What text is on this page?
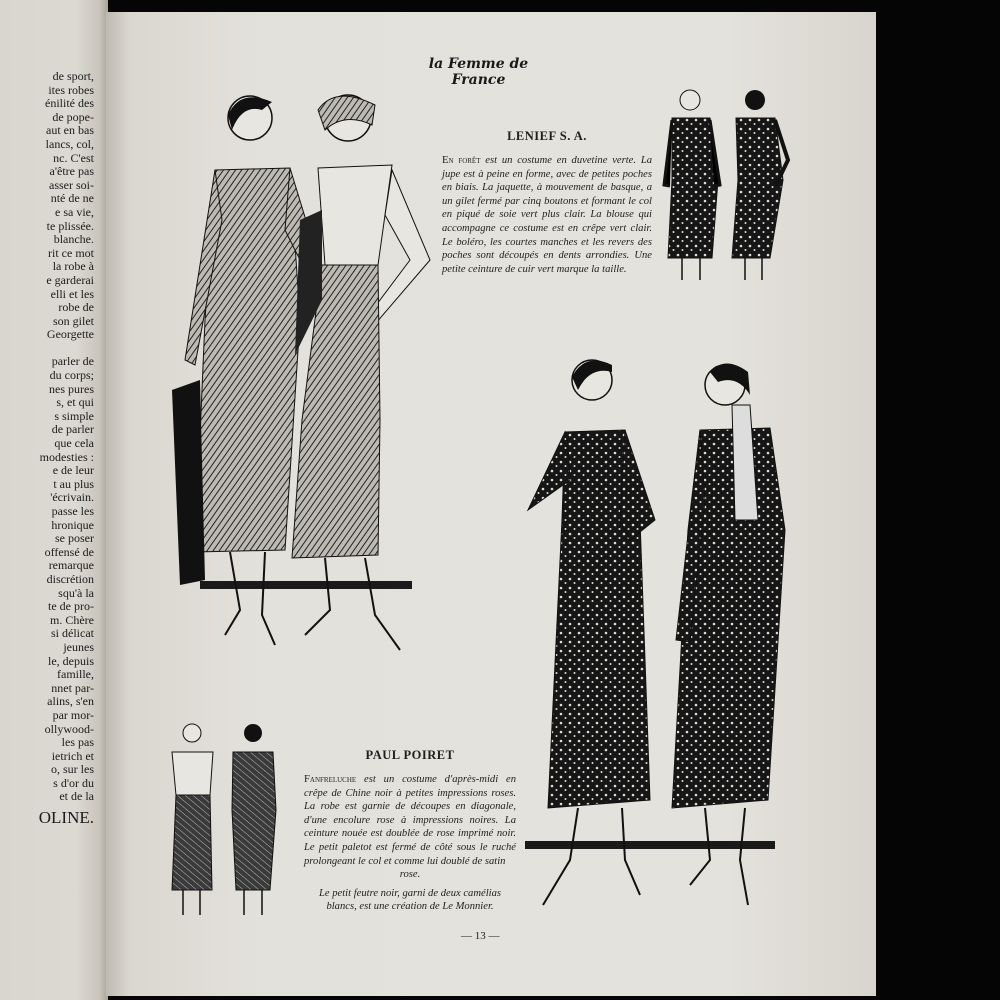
de sport,
ites robes
énilité des
de pope-
aut en bas
lancs, col,
nc. C'est
a'être pas
asser soi-
nté de ne
e sa vie,
te plissée.
blanche.
rit ce mot
la robe à
e garderai
elli et les
robe de
son gilet
Georgette

parler de
du corps;
nes pures
s, et qui
s simple
de parler
que cela
modesties :
e de leur
t au plus
'écrivain.
passe les
hronique
se poser
offensé de
remarque
discrétion
squ'à la
te de pro-
m. Chère
si délicat
jeunes
le, depuis
famille,
nnet par-
alins, s'en
par mor-
ollywood-
les pas
ietrich et
o, sur les
s d'or du
et de la
OLINE.
la Femme de France
LENIEF S. A.

En forêt est un costume en duvetine verte. La jupe est à peine en forme, avec de petites poches en biais. La jaquette, à mouvement de basque, a un gilet fermé par cinq boutons et formant le col en piqué de soie vert plus clair. La blouse qui accompagne ce costume est en crêpe vert clair. Le boléro, les courtes manches et les revers des poches sont découpés en dents arrondies. Une petite ceinture de cuir vert marque la taille.

PAUL POIRET

Fanfreluche est un costume d'après-midi en crêpe de Chine noir à petites impressions roses. La robe est garnie de découpes en diagonale, d'une encolure rose à impressions noires. La ceinture nouée est doublée de rose imprimé noir. Le petit paletot est fermé de côté sous le ruché prolongeant le col et comme lui doublé de satin

rose.

Le petit feutre noir, garni de deux camélias blancs, est une création de Le Monnier.

— 13 —
